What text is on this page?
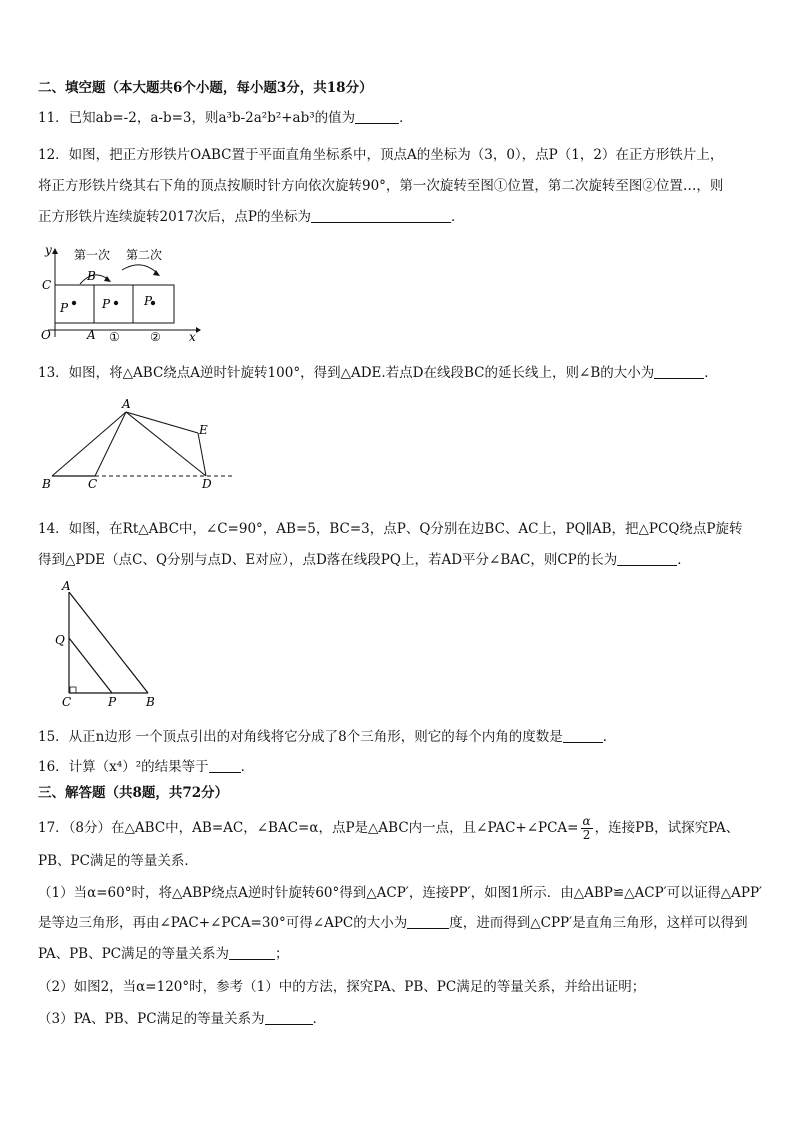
二、填空题（本大题共6个小题，每小题3分，共18分）
11．已知ab=-2，a-b=3，则a³b-2a²b²+ab³的值为	．
12．如图，把正方形铁片OABC置于平面直角坐标系中，顶点A的坐标为（3，0），点P（1，2）在正方形铁片上，
将正方形铁片绕其右下角的顶点按顺时针方向依次旋转90°，第一次旋转至图①位置，第二次旋转至图②位置…，则
正方形铁片连续旋转2017次后，点P的坐标为	．
y
x
C
O	A
B
P	P	P
第一次 第二次
①	②
13．如图，将△ABC绕点A逆时针旋转100°，得到△ADE.若点D在线段BC的延长线上，则∠B的大小为	．
A
B	C	D
E
14．如图，在Rt△ABC中，∠C=90°，AB=5，BC=3，点P、Q分别在边BC、AC上，PQ∥AB，把△PCQ绕点P旋转
得到△PDE（点C、Q分别与点D、E对应），点D落在线段PQ上，若AD平分∠BAC，则CP的长为	．
A
Q
C	P B
15．从正n边形 一个顶点引出的对角线将它分成了8个三角形，则它的每个内角的度数是	．
16．计算（x⁴）²的结果等于 ．
三、解答题（共8题，共72分）
17．（8分）在△ABC中，AB=AC，∠BAC=α，点P是△ABC内一点，且∠PAC+∠PCA= $\frac{\alpha}{2}$ ，连接PB，试探究PA、
PB、PC满足的等量关系．
（1）当α=60°时，将△ABP绕点A逆时针旋转60°得到△ACP′，连接PP′，如图1所示．由△ABP≌△ACP′可以证得△APP′
是等边三角形，再由∠PAC+∠PCA=30°可得∠APC的大小为	度，进而得到△CPP′是直角三角形，这样可以得到
PA、PB、PC满足的等量关系为	；
（2）如图2，当α=120°时，参考（1）中的方法，探究PA、PB、PC满足的等量关系，并给出证明；
（3）PA、PB、PC满足的等量关系为	．
